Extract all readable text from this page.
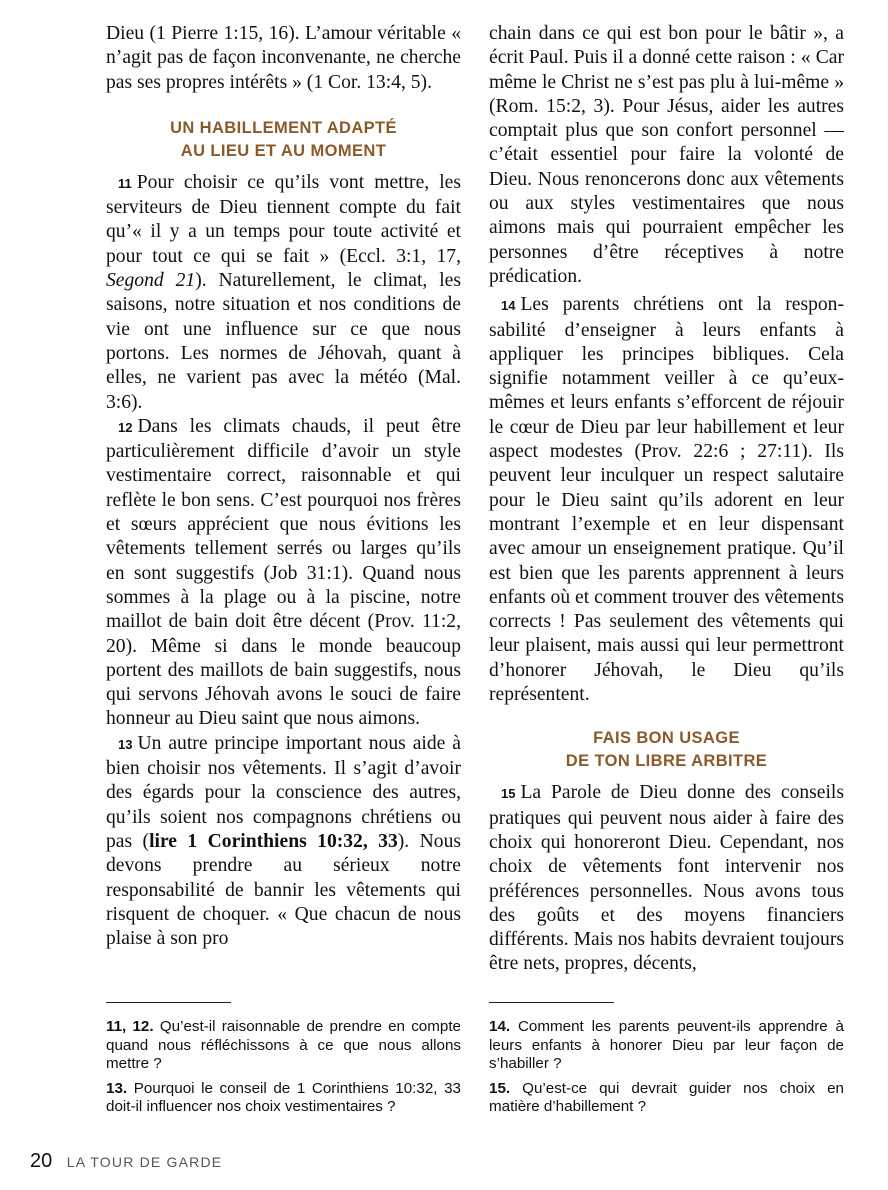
Dieu (1 Pierre 1:15, 16). L’amour véritable « n’agit pas de façon inconvenante, ne cherche pas ses propres intérêts » (1 Cor. 13:4, 5).

UN HABILLEMENT ADAPTÉ

AU LIEU ET AU MOMENT

11 Pour choisir ce qu’ils vont mettre, les serviteurs de Dieu tiennent compte du fait qu’« il y a un temps pour toute activité et pour tout ce qui se fait » (Eccl. 3:1, 17, Segond 21). Naturellement, le climat, les saisons, notre situation et nos conditions de vie ont une influence sur ce que nous portons. Les normes de Jéhovah, quant à elles, ne varient pas avec la météo (Mal. 3:6).

12 Dans les climats chauds, il peut être particulièrement difficile d’avoir un style vestimentaire correct, raisonnable et qui reflète le bon sens. C’est pourquoi nos frères et sœurs apprécient que nous évitions les vêtements tellement serrés ou larges qu’ils en sont suggestifs (Job 31:1). Quand nous sommes à la plage ou à la piscine, notre maillot de bain doit être décent (Prov. 11:2, 20). Même si dans le monde beaucoup portent des maillots de bain suggestifs, nous qui servons Jéhovah avons le souci de faire honneur au Dieu saint que nous aimons.

13 Un autre principe important nous aide à bien choisir nos vêtements. Il s’agit d’avoir des égards pour la conscience des autres, qu’ils soient nos compagnons chrétiens ou pas (lire 1 Corinthiens 10:32, 33). Nous devons prendre au sérieux notre responsabilité de bannir les vêtements qui risquent de choquer. « Que chacun de nous plaise à son pro

chain dans ce qui est bon pour le bâtir », a écrit Paul. Puis il a donné cette raison : « Car même le Christ ne s’est pas plu à lui-même » (Rom. 15:2, 3). Pour Jésus, aider les autres comptait plus que son confort personnel — c’était essentiel pour faire la volonté de Dieu. Nous renoncerons donc aux vêtements ou aux styles vestimentaires que nous aimons mais qui pourraient empêcher les personnes d’être réceptives à notre prédication.

14 Les parents chrétiens ont la responsabilité d’enseigner à leurs enfants à appliquer les principes bibliques. Cela signifie notamment veiller à ce qu’eux-mêmes et leurs enfants s’efforcent de réjouir le cœur de Dieu par leur habillement et leur aspect modestes (Prov. 22:6 ; 27:11). Ils peuvent leur inculquer un respect salutaire pour le Dieu saint qu’ils adorent en leur montrant l’exemple et en leur dispensant avec amour un enseignement pratique. Qu’il est bien que les parents apprennent à leurs enfants où et comment trouver des vêtements corrects ! Pas seulement des vêtements qui leur plaisent, mais aussi qui leur permettront d’honorer Jéhovah, le Dieu qu’ils représentent.

FAIS BON USAGE

DE TON LIBRE ARBITRE

15 La Parole de Dieu donne des conseils pratiques qui peuvent nous aider à faire des choix qui honoreront Dieu. Cependant, nos choix de vêtements font intervenir nos préférences personnelles. Nous avons tous des goûts et des moyens financiers différents. Mais nos habits devraient toujours être nets, propres, décents,

11, 12. Qu’est-il raisonnable de prendre en compte quand nous réfléchissons à ce que nous allons mettre ?

13. Pourquoi le conseil de 1 Corinthiens 10:32, 33 doit-il influencer nos choix vestimentaires ?

14. Comment les parents peuvent-ils apprendre à leurs enfants à honorer Dieu par leur façon de s’habiller ?

15. Qu’est-ce qui devrait guider nos choix en matière d’habillement ?

20 LA TOUR DE GARDE
